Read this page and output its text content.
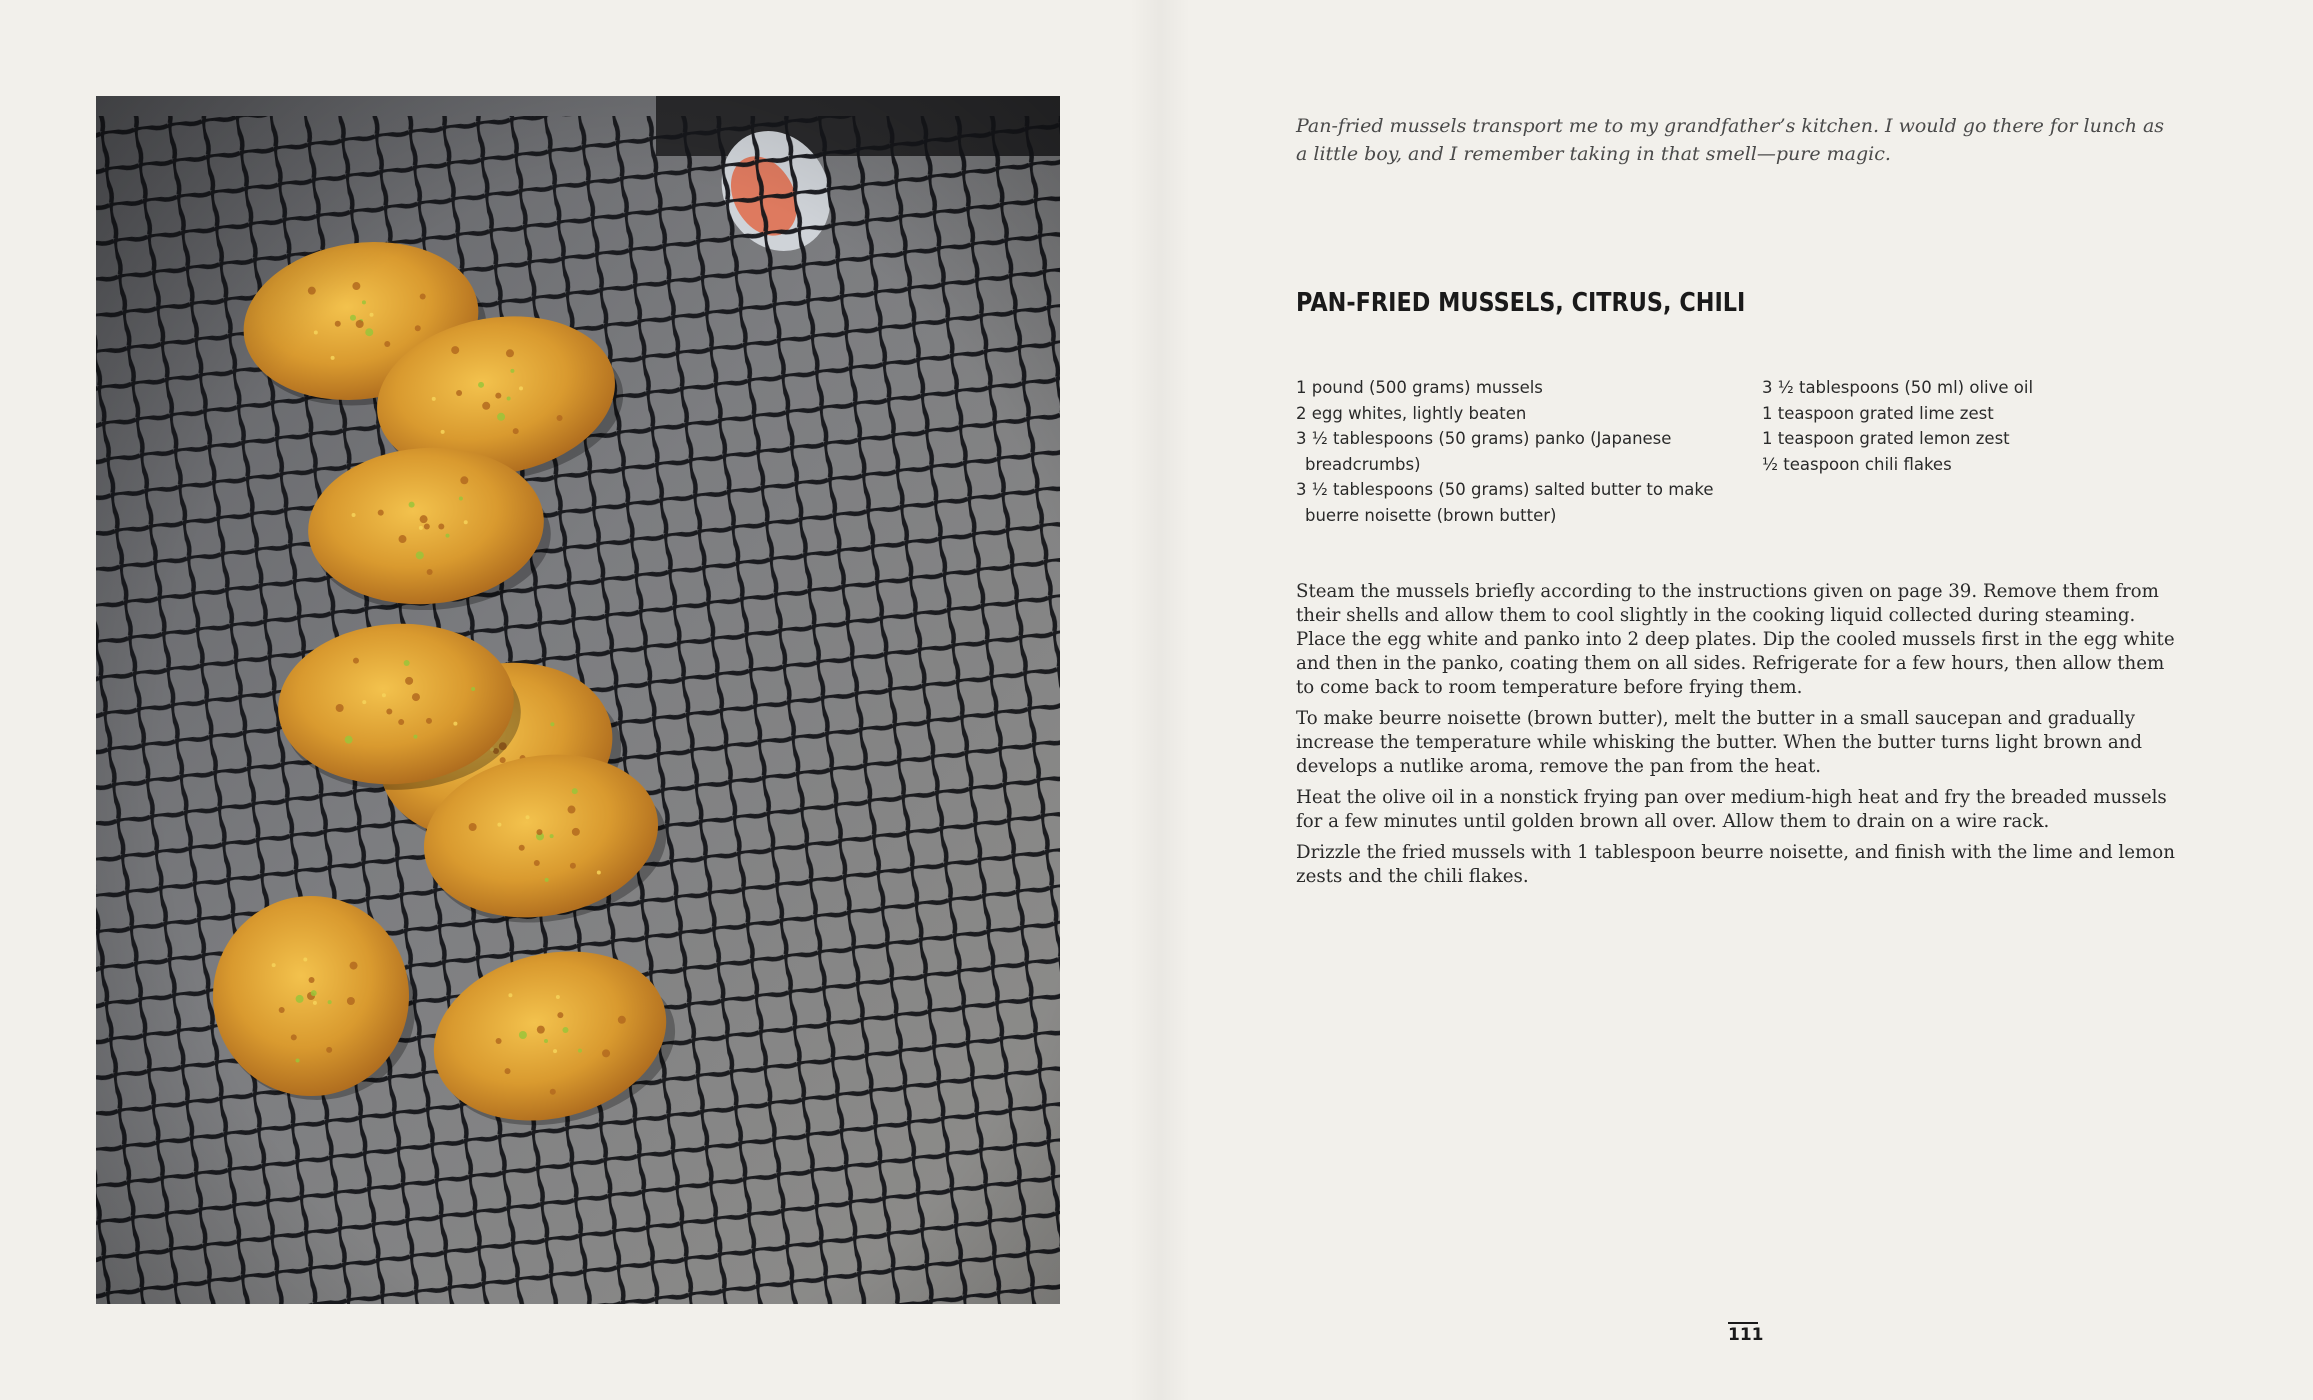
Pan-fried mussels transport me to my grandfather’s kitchen. I would go there for lunch as a little boy, and I remember taking in that smell—pure magic.
PAN-FRIED MUSSELS, CITRUS, CHILI
1 pound (500 grams) mussels
2 egg whites, lightly beaten
3 ½ tablespoons (50 grams) panko (Japanese breadcrumbs)
3 ½ tablespoons (50 grams) salted butter to make buerre noisette (brown butter)
3 ½ tablespoons (50 ml) olive oil
1 teaspoon grated lime zest
1 teaspoon grated lemon zest
½ teaspoon chili flakes

Steam the mussels briefly according to the instructions given on page 39. Remove them from their shells and allow them to cool slightly in the cooking liquid collected during steaming. Place the egg white and panko into 2 deep plates. Dip the cooled mussels first in the egg white and then in the panko, coating them on all sides. Refrigerate for a few hours, then allow them to come back to room temperature before frying them.

To make beurre noisette (brown butter), melt the butter in a small saucepan and gradually increase the temperature while whisking the butter. When the butter turns light brown and develops a nutlike aroma, remove the pan from the heat.

Heat the olive oil in a nonstick frying pan over medium-high heat and fry the breaded mussels for a few minutes until golden brown all over. Allow them to drain on a wire rack.

Drizzle the fried mussels with 1 tablespoon beurre noisette, and finish with the lime and lemon zests and the chili flakes.

111
